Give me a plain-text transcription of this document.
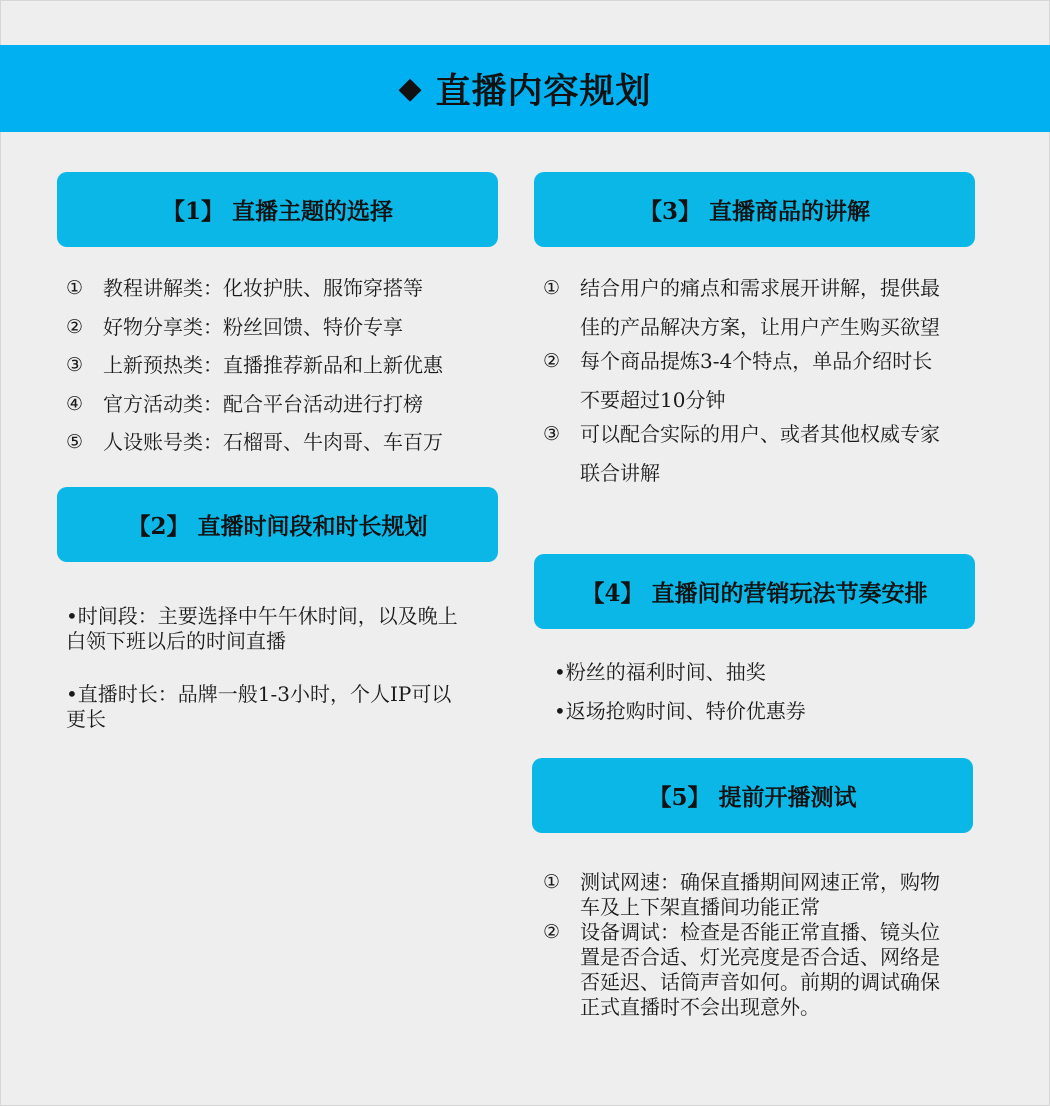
◆ 直播内容规划
【1】 直播主题的选择
① 教程讲解类：化妆护肤、服饰穿搭等
② 好物分享类：粉丝回馈、特价专享
③ 上新预热类：直播推荐新品和上新优惠
④ 官方活动类：配合平台活动进行打榜
⑤ 人设账号类：石榴哥、牛肉哥、车百万
【2】 直播时间段和时长规划
•时间段：主要选择中午午休时间，以及晚上白领下班以后的时间直播
•直播时长：品牌一般1-3小时，个人IP可以更长
【3】 直播商品的讲解
① 结合用户的痛点和需求展开讲解，提供最佳的产品解决方案，让用户产生购买欲望
② 每个商品提炼3-4个特点，单品介绍时长不要超过10分钟
③ 可以配合实际的用户、或者其他权威专家联合讲解
【4】 直播间的营销玩法节奏安排
•粉丝的福利时间、抽奖
•返场抢购时间、特价优惠券
【5】 提前开播测试
① 测试网速：确保直播期间网速正常，购物车及上下架直播间功能正常
② 设备调试：检查是否能正常直播、镜头位置是否合适、灯光亮度是否合适、网络是否延迟、话筒声音如何。前期的调试确保正式直播时不会出现意外。
